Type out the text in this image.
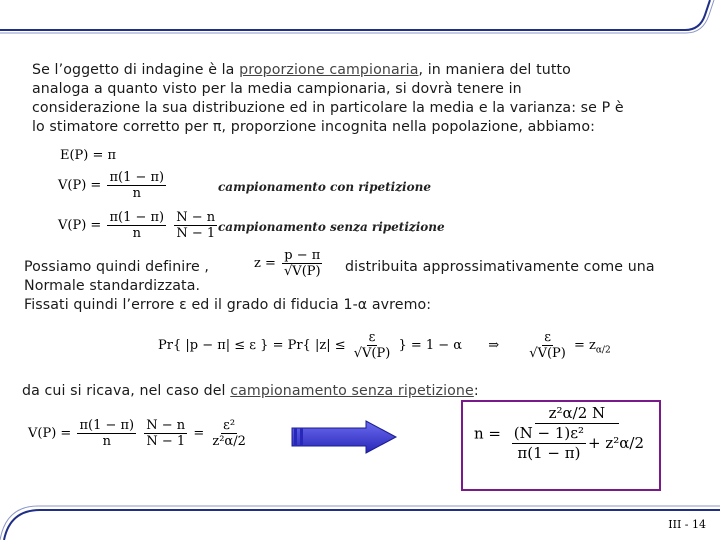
Se l’oggetto di indagine è la proporzione campionaria, in maniera del tutto
analoga a quanto visto per la media campionaria, si dovrà tenere in
considerazione la sua distribuzione ed in particolare la media e la varianza: se P è
lo stimatore corretto per π, proporzione incognita nella popolazione, abbiamo:
E(P) = π
$V(P) = \frac{\pi(1 - \pi)}{n}$	campionamento con ripetizione
$V(P) = \frac{\pi(1 - \pi)}{n}$
$\frac{N - n}{N - 1}$ campionamento senza ripetizione
Possiamo quindi definire ,	$z = \frac{p - \pi}{√V(P)}$ distribuita approssimativamente come una
Normale standardizzata.
Fissati quindi l’errore ε ed il grado di fiducia 1-α avremo:
Pr{ |p − π| ≤ ε } = Pr{ $|z| \le \frac{\varepsilon}{√V(P)}$ } = 1 − α ⇒ $\frac{\varepsilon}{√V(P)} = z_{\alpha/2}$
da cui si ricava, nel caso del campionamento senza ripetizione:
$V(P) = \frac{\pi(1 - \pi)}{n}$
$\frac{N - n}{N - 1} = \frac{\text{ε²}}{\text{z²α/2}}$	$n = \frac{\text{z²α/2 N}}{\frac{\text{(N − 1)ε²}}{\pi(1 - \pi)} + z^2\alpha/2}$
III - 14
